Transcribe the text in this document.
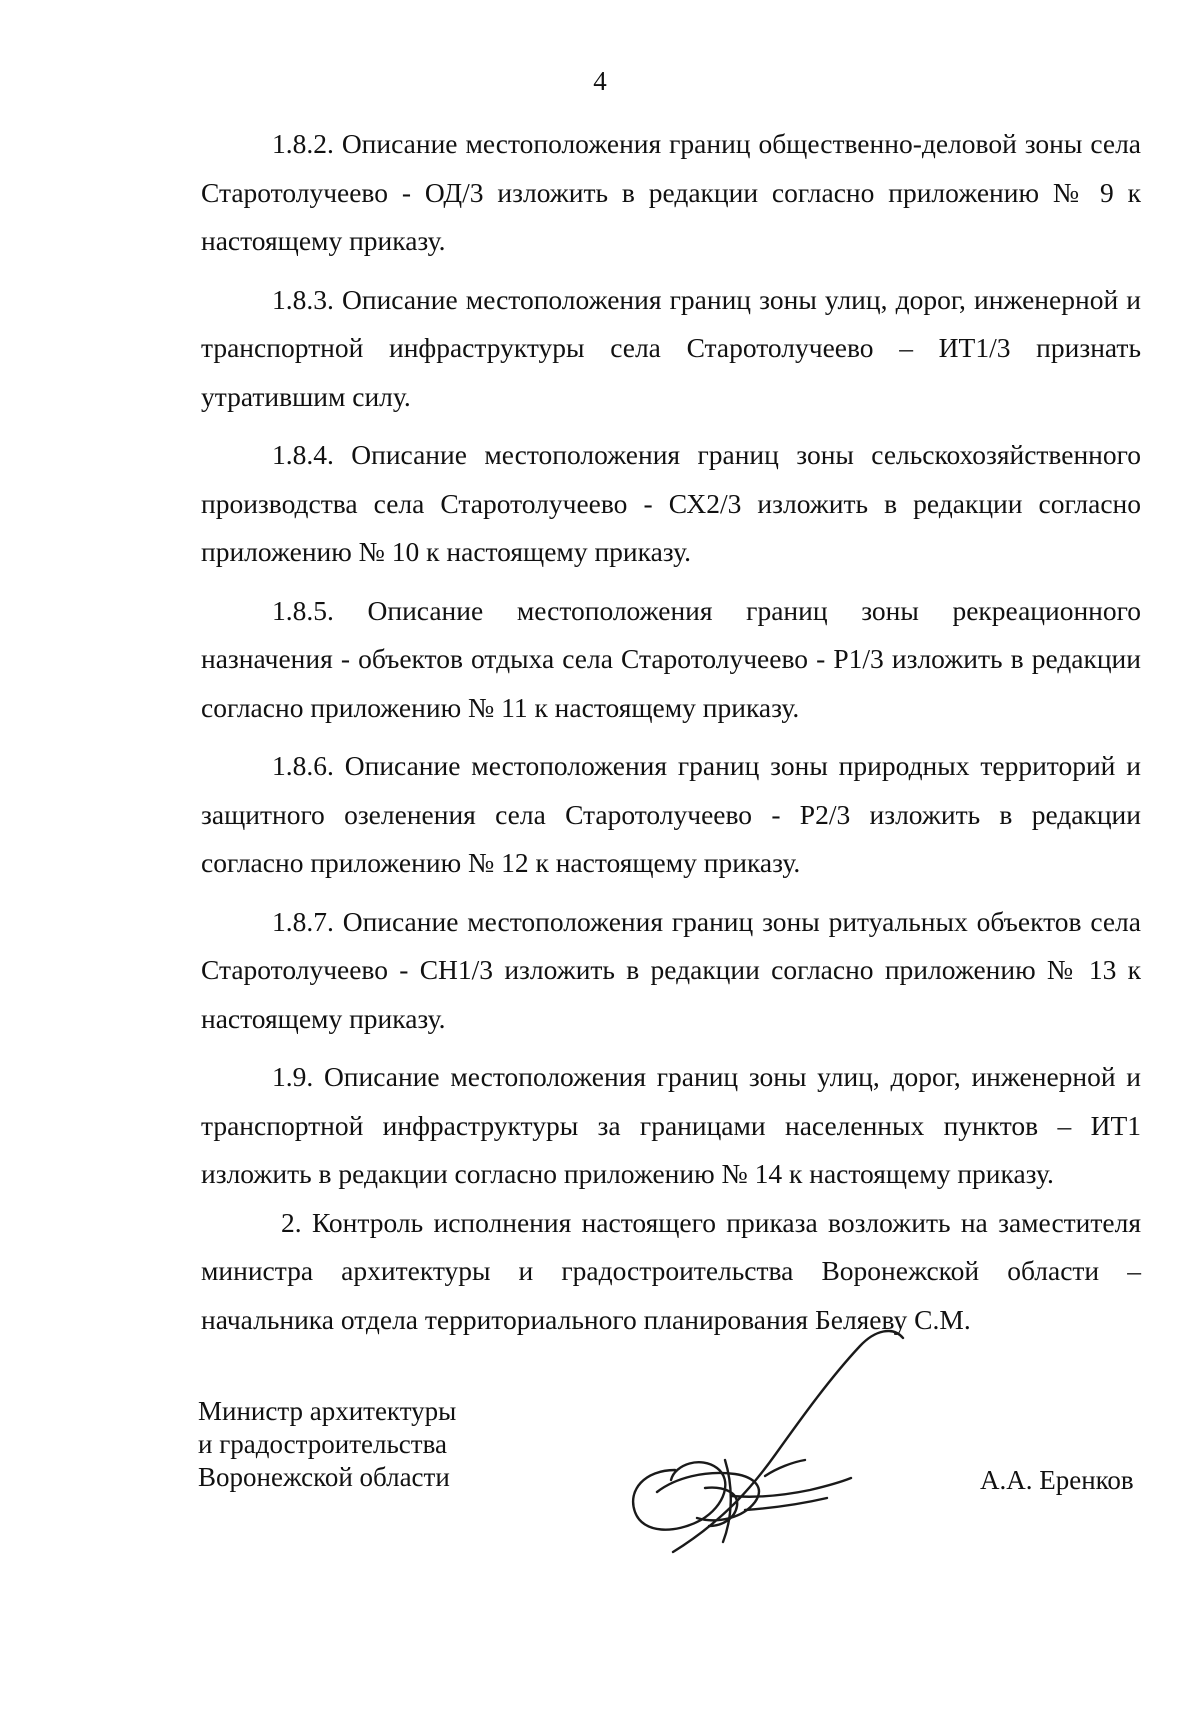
4

1.8.2. Описание местоположения границ общественно-деловой зоны села Старотолучеево - ОД/3 изложить в редакции согласно приложению № 9 к настоящему приказу.

1.8.3. Описание местоположения границ зоны улиц, дорог, инженерной и транспортной инфраструктуры села Старотолучеево – ИТ1/3 признать утратившим силу.

1.8.4. Описание местоположения границ зоны сельскохозяйственного производства села Старотолучеево - СХ2/3 изложить в редакции согласно приложению № 10 к настоящему приказу.

1.8.5. Описание местоположения границ зоны рекреационного назначения - объектов отдыха села Старотолучеево - Р1/3 изложить в редакции согласно приложению № 11 к настоящему приказу.

1.8.6. Описание местоположения границ зоны природных территорий и защитного озеленения села Старотолучеево - Р2/3 изложить в редакции согласно приложению № 12 к настоящему приказу.

1.8.7. Описание местоположения границ зоны ритуальных объектов села Старотолучеево - СН1/3 изложить в редакции согласно приложению № 13 к настоящему приказу.

1.9. Описание местоположения границ зоны улиц, дорог, инженерной и транспортной инфраструктуры за границами населенных пунктов – ИТ1 изложить в редакции согласно приложению № 14 к настоящему приказу.

2. Контроль исполнения настоящего приказа возложить на заместителя министра архитектуры и градостроительства Воронежской области – начальника отдела территориального планирования Беляеву С.М.

Министр архитектуры
и градостроительства
Воронежской области	А.А. Еренков
